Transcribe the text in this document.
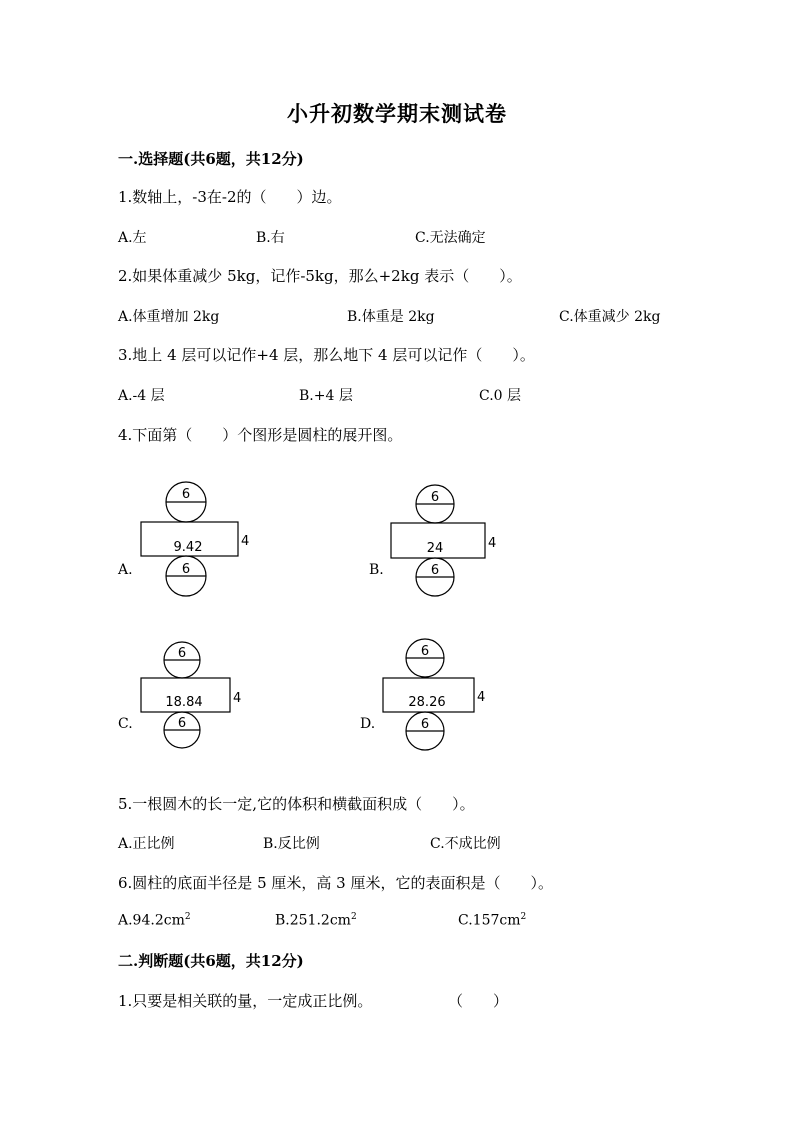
小升初数学期末测试卷
一.选择题(共6题，共12分)
1.数轴上，-3在-2的（　　）边。
A.左	B.右	C.无法确定
2.如果体重减少 5kg，记作-5kg，那么+2kg 表示（　　）。
A.体重增加 2kg	B.体重是 2kg	C.体重减少 2kg
3.地上 4 层可以记作+4 层，那么地下 4 层可以记作（　　）。
A.-4 层	B.+4 层	C.0 层
4.下面第（　　）个图形是圆柱的展开图。
A.
6
9.42	4
6	B.
6
24	4
6
C.
6
18.84 4
6	D.
6
28.26 4
6
5.一根圆木的长一定,它的体积和横截面积成（　　）。
A.正比例	B.反比例	C.不成比例
6.圆柱的底面半径是 5 厘米，高 3 厘米，它的表面积是（　　）。
$A.94.2cm^2$	$B.251.2cm^2$	$C.157cm^2$
二.判断题(共6题，共12分)
1.只要是相关联的量，一定成正比例。	（　　）
